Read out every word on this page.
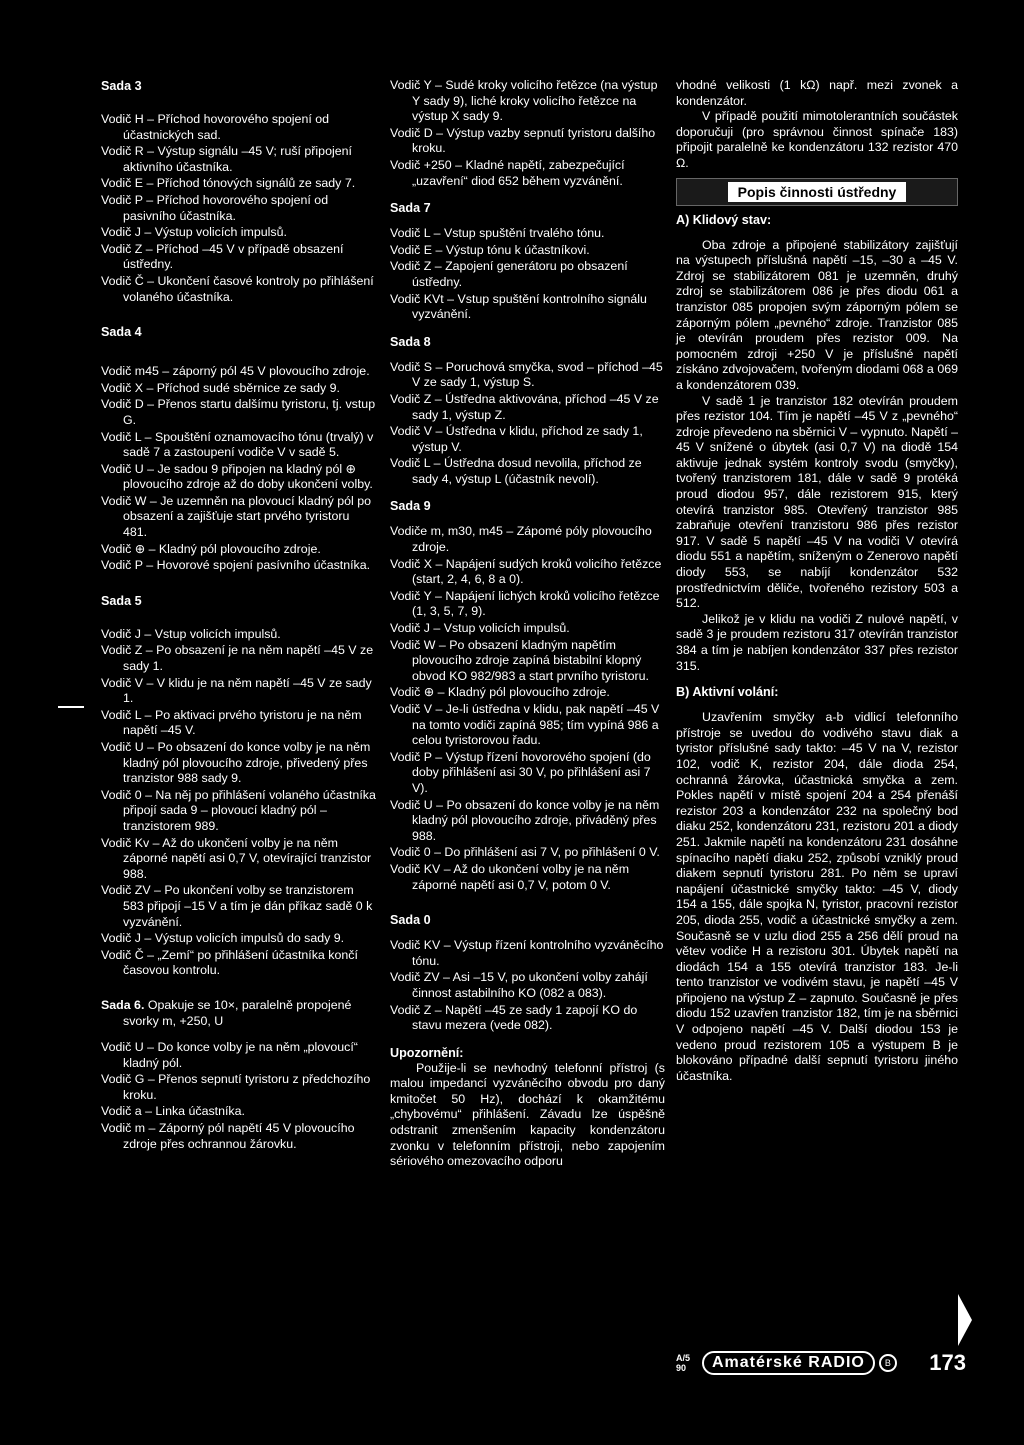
Sada 3
Vodič H – Příchod hovorového spojení od účastnických sad.
Vodič R – Výstup signálu –45 V; ruší připojení aktivního účastníka.
Vodič E – Příchod tónových signálů ze sady 7.
Vodič P – Příchod hovorového spojení od pasivního účastníka.
Vodič J – Výstup volicích impulsů.
Vodič Z – Příchod –45 V v případě obsazení ústředny.
Vodič Č – Ukončení časové kontroly po přihlášení volaného účastníka.
Sada 4
Vodič m45 – záporný pól 45 V plovoucího zdroje.
Vodič X – Příchod sudé sběrnice ze sady 9.
Vodič D – Přenos startu dalšímu tyristoru, tj. vstup G.
Vodič L – Spouštění oznamovacího tónu (trvalý) v sadě 7 a zastoupení vodiče V v sadě 5.
Vodič U – Je sadou 9 připojen na kladný pól ⊕ plovoucího zdroje až do doby ukončení volby.
Vodič W – Je uzemněn na plovoucí kladný pól po obsazení a zajišťuje start prvého tyristoru 481.
Vodič ⊕ – Kladný pól plovoucího zdroje.
Vodič P – Hovorové spojení pasívního účastníka.
Sada 5
Vodič J – Vstup volicích impulsů.
Vodič Z – Po obsazení je na něm napětí –45 V ze sady 1.
Vodič V – V klidu je na něm napětí –45 V ze sady 1.
Vodič L – Po aktivaci prvého tyristoru je na něm napětí –45 V.
Vodič U – Po obsazení do konce volby je na něm kladný pól plovoucího zdroje, přivedený přes tranzistor 988 sady 9.
Vodič 0 – Na něj po přihlášení volaného účastníka připojí sada 9 – plovoucí kladný pól – tranzistorem 989.
Vodič Kv – Až do ukončení volby je na něm záporné napětí asi 0,7 V, otevírající tranzistor 988.
Vodič ZV – Po ukončení volby se tranzistorem 583 připojí –15 V a tím je dán příkaz sadě 0 k vyzvánění.
Vodič J – Výstup volicích impulsů do sady 9.
Vodič Č – „Zemí“ po přihlášení účastníka končí časovou kontrolu.
Sada 6. Opakuje se 10×, paralelně propojené svorky m, +250, U
Vodič U – Do konce volby je na něm „plovoucí“ kladný pól.
Vodič G – Přenos sepnutí tyristoru z předchozího kroku.
Vodič a – Linka účastníka.
Vodič m – Záporný pól napětí 45 V plovoucího zdroje přes ochrannou žárovku.
Vodič Y – Sudé kroky volicího řetězce (na výstup Y sady 9), liché kroky volicího řetězce na výstup X sady 9.
Vodič D – Výstup vazby sepnutí tyristoru dalšího kroku.
Vodič +250 – Kladné napětí, zabezpečující „uzavření“ diod 652 během vyzvánění.
Sada 7
Vodič L – Vstup spuštění trvalého tónu.
Vodič E – Výstup tónu k účastníkovi.
Vodič Z – Zapojení generátoru po obsazení ústředny.
Vodič KVt – Vstup spuštění kontrolního signálu vyzvánění.
Sada 8
Vodič S – Poruchová smyčka, svod – příchod –45 V ze sady 1, výstup S.
Vodič Z – Ústředna aktivována, příchod –45 V ze sady 1, výstup Z.
Vodič V – Ústředna v klidu, příchod ze sady 1, výstup V.
Vodič L – Ústředna dosud nevolila, příchod ze sady 4, výstup L (účastník nevolí).
Sada 9
Vodiče m, m30, m45 – Zápomé póly plovoucího zdroje.
Vodič X – Napájení sudých kroků volicího řetězce (start, 2, 4, 6, 8 a 0).
Vodič Y – Napájení lichých kroků volicího řetězce (1, 3, 5, 7, 9).
Vodič J – Vstup volicích impulsů.
Vodič W – Po obsazení kladným napětím plovoucího zdroje zapíná bistabilní klopný obvod KO 982/983 a start prvního tyristoru.
Vodič ⊕ – Kladný pól plovoucího zdroje.
Vodič V – Je-li ústředna v klidu, pak napětí –45 V na tomto vodiči zapíná 985; tím vypíná 986 a celou tyristorovou řadu.
Vodič P – Výstup řízení hovorového spojení (do doby přihlášení asi 30 V, po přihlášení asi 7 V).
Vodič U – Po obsazení do konce volby je na něm kladný pól plovoucího zdroje, přiváděný přes 988.
Vodič 0 – Do přihlášení asi 7 V, po přihlášení 0 V.
Vodič KV – Až do ukončení volby je na něm záporné napětí asi 0,7 V, potom 0 V.
Sada 0
Vodič KV – Výstup řízení kontrolního vyzváněcího tónu.
Vodič ZV – Asi –15 V, po ukončení volby zahájí činnost astabilního KO (082 a 083).
Vodič Z – Napětí –45 ze sady 1 zapojí KO do stavu mezera (vede 082).
Upozornění:
Použije-li se nevhodný telefonní přístroj (s malou impedancí vyzváněcího obvodu pro daný kmitočet 50 Hz), dochází k okamžitému „chybovému“ přihlášení. Závadu lze úspěšně odstranit zmenšením kapacity kondenzátoru zvonku v telefonním přístroji, nebo zapojením sériového omezovacího odporu
vhodné velikosti (1 kΩ) např. mezi zvonek a kondenzátor.
V případě použití mimotolerantních součástek doporučuji (pro správnou činnost spínače 183) připojit paralelně ke kondenzátoru 132 rezistor 470 Ω.
Popis činnosti ústředny
A) Klidový stav:
Oba zdroje a připojené stabilizátory zajišťují na výstupech příslušná napětí –15, –30 a –45 V. Zdroj se stabilizátorem 081 je uzemněn, druhý zdroj se stabilizátorem 086 je přes diodu 061 a tranzistor 085 propojen svým záporným pólem se záporným pólem „pevného“ zdroje. Tranzistor 085 je otevírán proudem přes rezistor 009. Na pomocném zdroji +250 V je příslušné napětí získáno zdvojovačem, tvořeným diodami 068 a 069 a kondenzátorem 039.
V sadě 1 je tranzistor 182 otevírán proudem přes rezistor 104. Tím je napětí –45 V z „pevného“ zdroje převedeno na sběrnici V – vypnuto. Napětí –45 V snížené o úbytek (asi 0,7 V) na diodě 154 aktivuje jednak systém kontroly svodu (smyčky), tvořený tranzistorem 181, dále v sadě 9 protéká proud diodou 957, dále rezistorem 915, který otevírá tranzistor 985. Otevřený tranzistor 985 zabraňuje otevření tranzistoru 986 přes rezistor 917. V sadě 5 napětí –45 V na vodiči V otevírá diodu 551 a napětím, sníženým o Zenerovo napětí diody 553, se nabíjí kondenzátor 532 prostřednictvím děliče, tvořeného rezistory 503 a 512.
Jelikož je v klidu na vodiči Z nulové napětí, v sadě 3 je proudem rezistoru 317 otevírán tranzistor 384 a tím je nabíjen kondenzátor 337 přes rezistor 315.
B) Aktivní volání:
Uzavřením smyčky a-b vidlicí telefonního přístroje se uvedou do vodivého stavu diak a tyristor příslušné sady takto: –45 V na V, rezistor 102, vodič K, rezistor 204, dále dioda 254, ochranná žárovka, účastnická smyčka a zem. Pokles napětí v místě spojení 204 a 254 přenáší rezistor 203 a kondenzátor 232 na společný bod diaku 252, kondenzátoru 231, rezistoru 201 a diody 251. Jakmile napětí na kondenzátoru 231 dosáhne spínacího napětí diaku 252, způsobí vzniklý proud diakem sepnutí tyristoru 281. Po něm se upraví napájení účastnické smyčky takto: –45 V, diody 154 a 155, dále spojka N, tyristor, pracovní rezistor 205, dioda 255, vodič a účastnické smyčky a zem. Současně se v uzlu diod 255 a 256 dělí proud na větev vodiče H a rezistoru 301. Úbytek napětí na diodách 154 a 155 otevírá tranzistor 183. Je-li tento tranzistor ve vodivém stavu, je napětí –45 V připojeno na výstup Z – zapnuto. Současně je přes diodu 152 uzavřen tranzistor 182, tím je na sběrnici V odpojeno napětí –45 V. Další diodou 153 je vedeno proud rezistorem 105 a výstupem B je blokováno případné další sepnutí tyristoru jiného účastníka.
A/5 90	Amatérské RADIO	B 173
